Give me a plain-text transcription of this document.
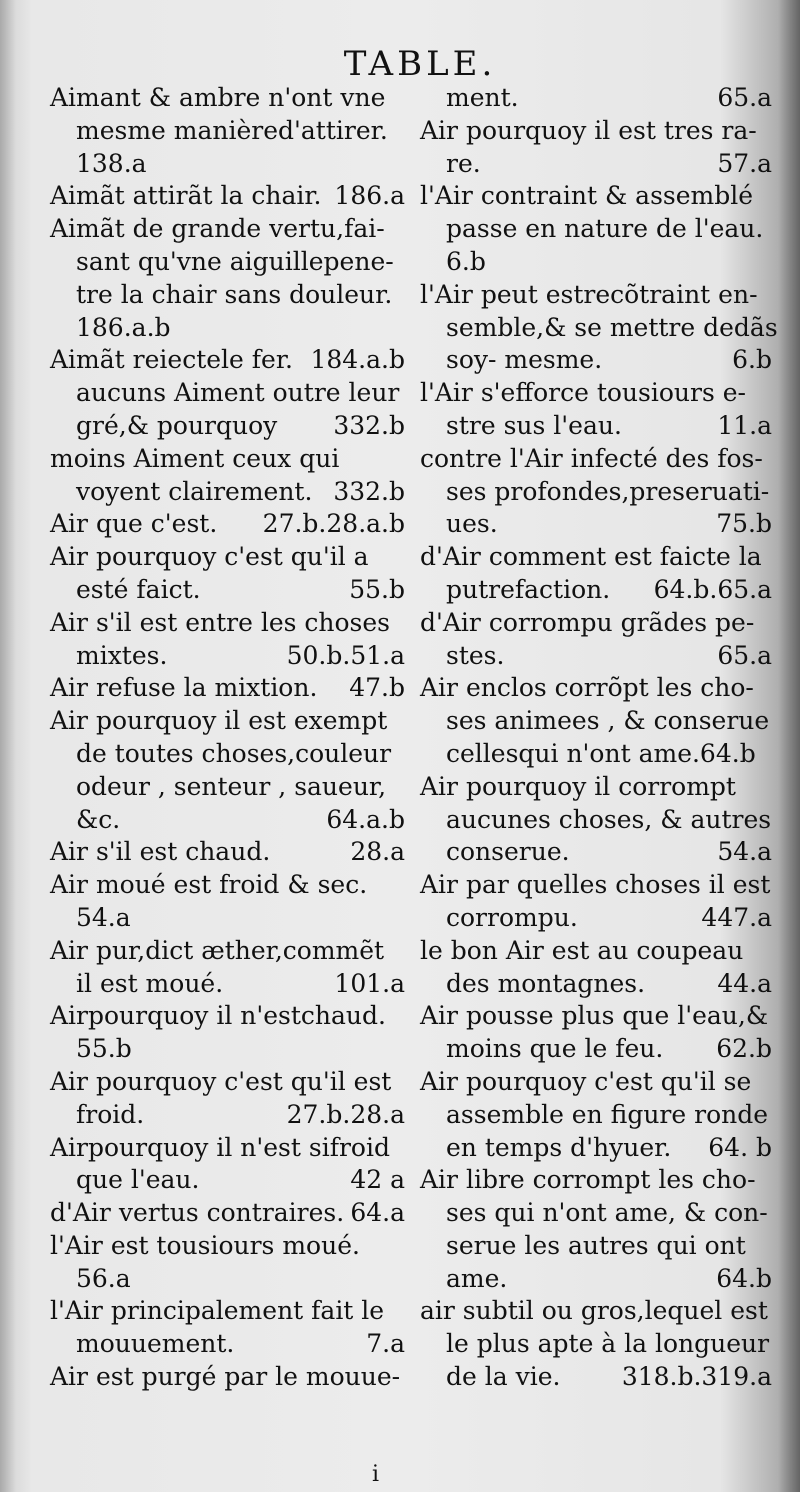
TABLE.
Aimant & ambre n'ont vne
mesme manièred'attirer.
138.a
Aimãt attirãt la chair. 186.a
Aimãt de grande vertu,fai-
sant qu'vne aiguillepene-
tre la chair sans douleur.
186.a.b
Aimãt reiectele fer. 184.a.b
aucuns Aiment outre leur
gré,& pourquoy 332.b
moins Aiment ceux qui
voyent clairement. 332.b
Air que c'est. 27.b.28.a.b
Air pourquoy c'est qu'il a
esté faict.	55.b
Air s'il est entre les choses
mixtes.	50.b.51.a
Air refuse la mixtion. 47.b
Air pourquoy il est exempt
de toutes choses,couleur
odeur , senteur , saueur,
&c.	64.a.b
Air s'il est chaud.	28.a
Air moué est froid & sec.
54.a
Air pur,dict æther,commẽt
il est moué.	101.a
Airpourquoy il n'estchaud.
55.b
Air pourquoy c'est qu'il est
froid.	27.b.28.a
Airpourquoy il n'est sifroid
que l'eau.	42 a
d'Air vertus contraires. 64.a
l'Air est tousiours moué.
56.a
l'Air principalement fait le
mouuement.	7.a
Air est purgé par le mouue-
ment.	65.a
Air pourquoy il est tres ra-
re.	57.a
l'Air contraint & assemblé
passe en nature de l'eau.
6.b
l'Air peut estrecõtraint en-
semble,& se mettre dedãs
soy- mesme.	6.b
l'Air s'efforce tousiours e-
stre sus l'eau.	11.a
contre l'Air infecté des fos-
ses profondes,preseruati-
ues.	75.b
d'Air comment est faicte la
putrefaction. 64.b.65.a
d'Air corrompu grãdes pe-
stes.	65.a
Air enclos corrõpt les cho-
ses animees , & conserue
cellesqui n'ont ame.64.b
Air pourquoy il corrompt
aucunes choses, & autres
conserue.	54.a
Air par quelles choses il est
corrompu.	447.a
le bon Air est au coupeau
des montagnes.	44.a
Air pousse plus que l'eau,&
moins que le feu. 62.b
Air pourquoy c'est qu'il se
assemble en figure ronde
en temps d'hyuer. 64. b
Air libre corrompt les cho-
ses qui n'ont ame, & con-
serue les autres qui ont
ame.	64.b
air subtil ou gros,lequel est
le plus apte à la longueur
de la vie. 318.b.319.a
i
